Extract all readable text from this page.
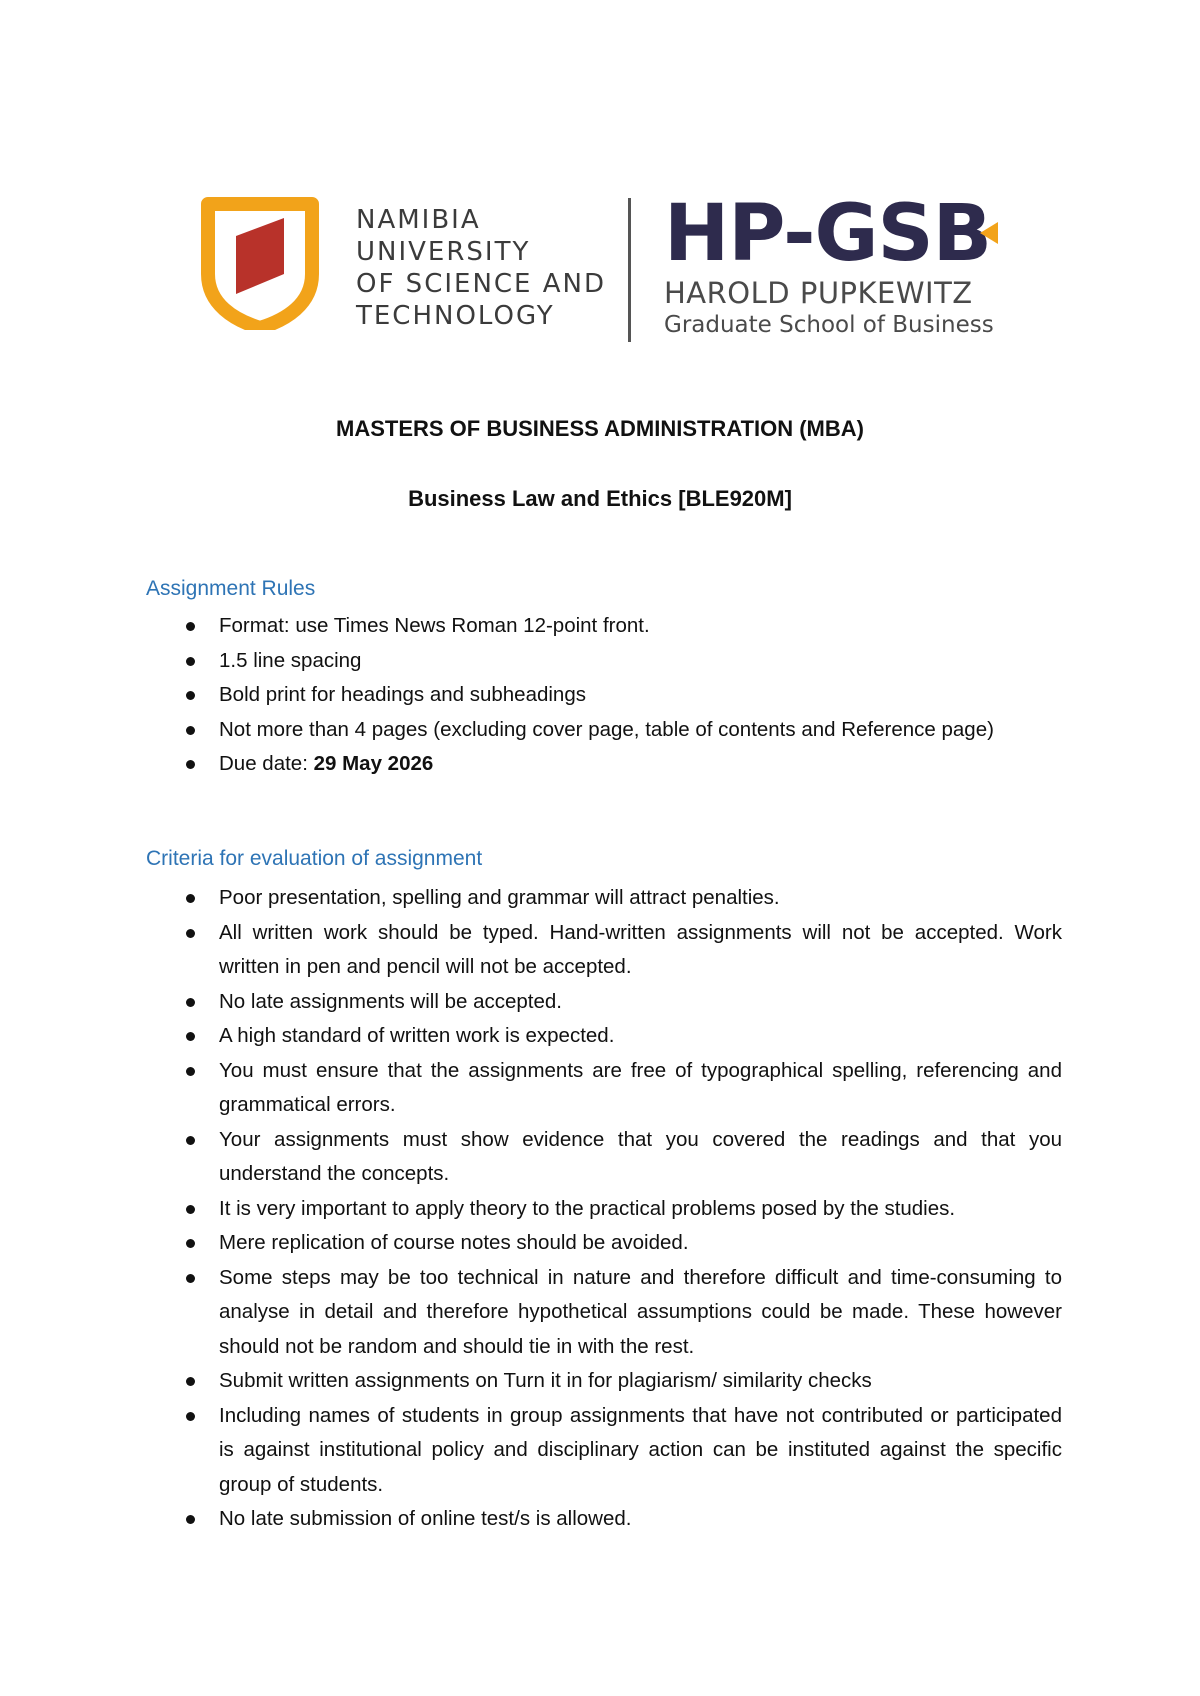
NAMIBIA
UNIVERSITY
OF SCIENCE AND
TECHNOLOGY
HP-GSB
HAROLD PUPKEWITZ
Graduate School of Business
MASTERS OF BUSINESS ADMINISTRATION (MBA)
Business Law and Ethics [BLE920M]
Assignment Rules
Format: use Times News Roman 12-point front.
1.5 line spacing
Bold print for headings and subheadings
Not more than 4 pages (excluding cover page, table of contents and Reference page)
Due date: 29 May 2026
Criteria for evaluation of assignment
Poor presentation, spelling and grammar will attract penalties.
All written work should be typed. Hand-written assignments will not be accepted. Work written in pen and pencil will not be accepted.
No late assignments will be accepted.
A high standard of written work is expected.
You must ensure that the assignments are free of typographical spelling, referencing and grammatical errors.
Your assignments must show evidence that you covered the readings and that you understand the concepts.
It is very important to apply theory to the practical problems posed by the studies.
Mere replication of course notes should be avoided.
Some steps may be too technical in nature and therefore difficult and time-consuming to analyse in detail and therefore hypothetical assumptions could be made. These however should not be random and should tie in with the rest.
Submit written assignments on Turn it in for plagiarism/ similarity checks
Including names of students in group assignments that have not contributed or participated is against institutional policy and disciplinary action can be instituted against the specific group of students.
No late submission of online test/s is allowed.
